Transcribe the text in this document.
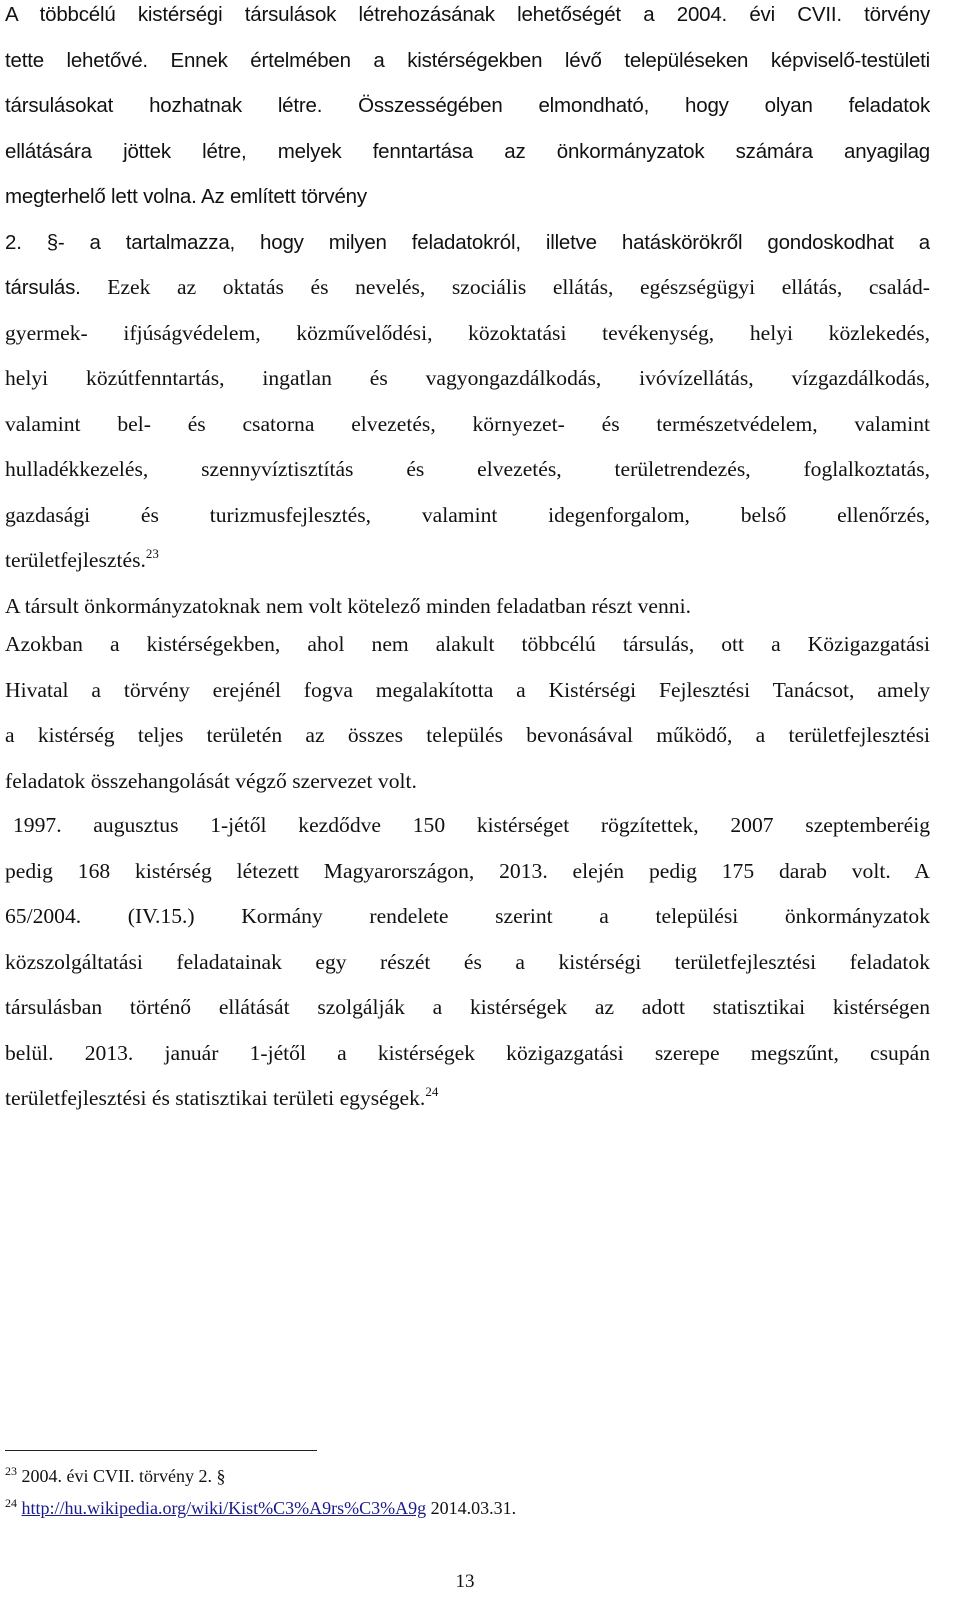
A többcélú kistérségi társulások létrehozásának lehetőségét a 2004. évi CVII. törvény
tette lehetővé. Ennek értelmében a kistérségekben lévő településeken képviselő-testületi
társulásokat hozhatnak létre. Összességében elmondható, hogy olyan feladatok
ellátására jöttek létre, melyek fenntartása az önkormányzatok számára anyagilag
megterhelő lett volna. Az említett törvény
2. §- a tartalmazza, hogy milyen feladatokról, illetve hatáskörökről gondoskodhat a
társulás. Ezek az oktatás és nevelés, szociális ellátás, egészségügyi ellátás, család-
gyermek- ifjúságvédelem, közművelődési, közoktatási tevékenység, helyi közlekedés,
helyi közútfenntartás, ingatlan és vagyongazdálkodás, ivóvízellátás, vízgazdálkodás,
valamint bel- és csatorna elvezetés, környezet- és természetvédelem, valamint
hulladékkezelés, szennyvíztisztítás és elvezetés, területrendezés, foglalkoztatás,
gazdasági és turizmusfejlesztés, valamint idegenforgalom, belső ellenőrzés,
területfejlesztés.$^{23}$
A társult önkormányzatoknak nem volt kötelező minden feladatban részt venni.
Azokban a kistérségekben, ahol nem alakult többcélú társulás, ott a Közigazgatási
Hivatal a törvény erejénél fogva megalakította a Kistérségi Fejlesztési Tanácsot, amely
a kistérség teljes területén az összes település bevonásával működő, a területfejlesztési
feladatok összehangolását végző szervezet volt.
1997. augusztus 1-jétől kezdődve 150 kistérséget rögzítettek, 2007 szeptemberéig
pedig 168 kistérség létezett Magyarországon, 2013. elején pedig 175 darab volt. A
65/2004. (IV.15.) Kormány rendelete szerint a települési önkormányzatok
közszolgáltatási feladatainak egy részét és a kistérségi területfejlesztési feladatok
társulásban történő ellátását szolgálják a kistérségek az adott statisztikai kistérségen
belül. 2013. január 1-jétől a kistérségek közigazgatási szerepe megszűnt, csupán
területfejlesztési és statisztikai területi egységek.$^{24}$
$^{23}$ 2004. évi CVII. törvény 2. §
$^{24}$ http://hu.wikipedia.org/wiki/Kist%C3%A9rs%C3%A9g 2014.03.31.
13
